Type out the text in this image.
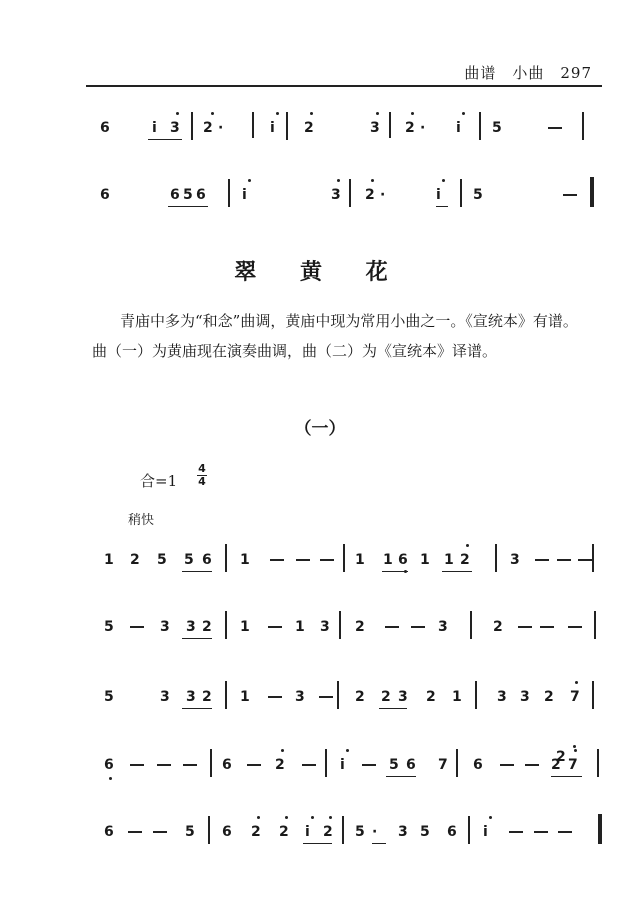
曲谱　小曲　297
6	i 3 2 ·	i 2	3 2 · i 5
6	6 5 6	i	3 2 ·	i 5
翠 黄 花
青庙中多为“和念”曲调，黄庙中现为常用小曲之一。《宣统本》有谱。曲（一）为黄庙现在演奏曲调，曲（二）为《宣统本》译谱。
（一）
合=1
4
4
稍快
1 2 5 5 6 1	1 1 6 1 1 2	3
5	3 3 2 1	1 3 2	3	2
5	3 3 2 1	3	2 2 3 2 1	3 3 2 7
6	6	2	i	5 6 7 6	2 7
2
6	5 6 2 2 i 2 5 · 3 5 6 i
